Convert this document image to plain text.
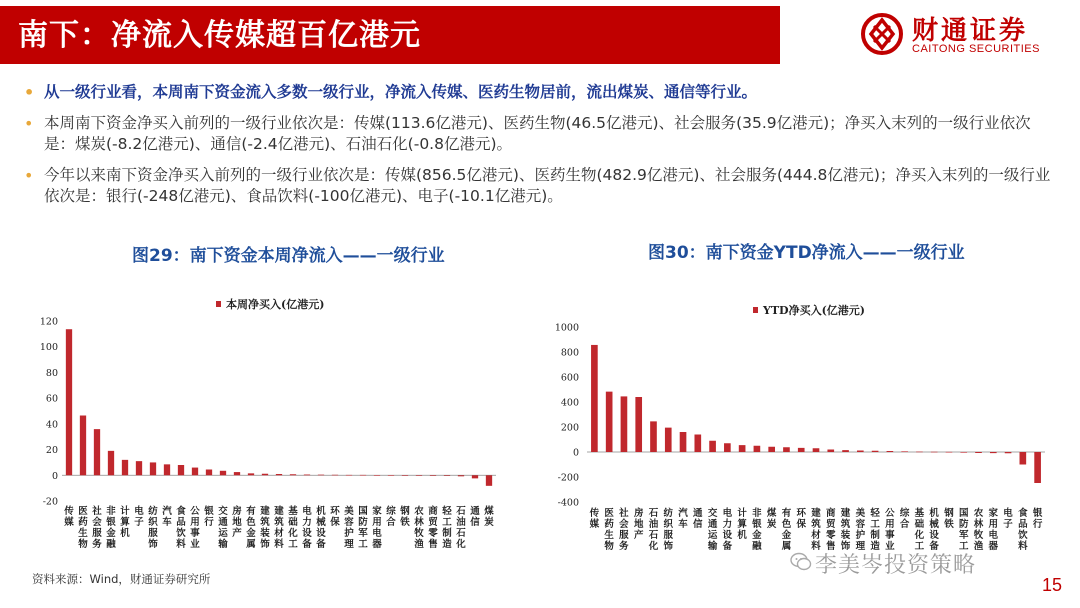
南下：净流入传媒超百亿港元	财通证券
CAITONG SECURITIES
• 从一级行业看，本周南下资金流入多数一级行业，净流入传媒、医药生物居前，流出煤炭、通信等行业。
• 本周南下资金净买入前列的一级行业依次是：传媒(113.6亿港元)、医药生物(46.5亿港元)、社会服务(35.9亿港元)；净买入末列的一级行业依次是：煤炭(-8.2亿港元)、通信(-2.4亿港元)、石油石化(-0.8亿港元)。
• 今年以来南下资金净买入前列的一级行业依次是：传媒(856.5亿港元)、医药生物(482.9亿港元)、社会服务(444.8亿港元)；净买入末列的一级行业依次是：银行(-248亿港元)、食品饮料(-100亿港元)、电子(-10.1亿港元)。
图29：南下资金本周净流入——一级行业	图30：南下资金YTD净流入——一级行业
本周净买入(亿港元)
-20
0
20
40
60
80
100
120
传媒
医药生物
社会服务
非银金融
计算机
电子
纺织服饰
汽车
食品饮料
公用事业
银行
交通运输
房地产
有色金属
建筑装饰
建筑材料
基础化工
电力设备
机械设备
环保
美容护理
国防军工
家用电器
综合
钢铁
农林牧渔
商贸零售
轻工制造
石油石化
通信
煤炭
YTD净买入(亿港元)
-400
-200
0
200
400
600
800
1000
传媒
医药生物
社会服务
房地产
石油石化
纺织服饰
汽车
通信
交通运输
电力设备
计算机
非银金融
煤炭
有色金属
环保
建筑材料
商贸零售
建筑装饰
美容护理
轻工制造
公用事业
综合
基础化工
机械设备
钢铁
国防军工
农林牧渔
家用电器
电子
食品饮料
银行
资料来源：Wind，财通证券研究所
李美岑投资策略
15
